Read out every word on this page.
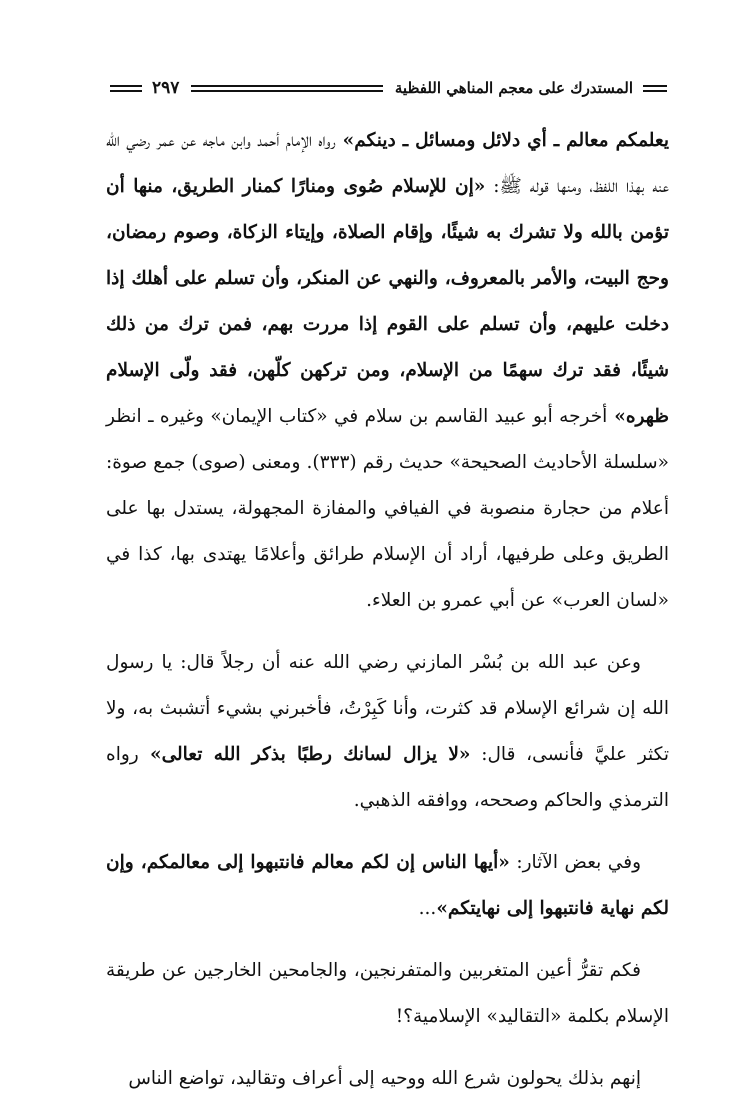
المستدرك على معجم المناهي اللفظية
٢٩٧

يعلمكم معالم ـ أي دلائل ومسائل ـ دينكم» رواه الإمام أحمد وابن ماجه عن عمر رضي الله عنه بهذا اللفظ، ومنها قوله ﷺ: «إن للإسلام صُوى ومنارًا كمنار الطريق، منها أن تؤمن بالله ولا تشرك به شيئًا، وإقام الصلاة، وإيتاء الزكاة، وصوم رمضان، وحج البيت، والأمر بالمعروف، والنهي عن المنكر، وأن تسلم على أهلك إذا دخلت عليهم، وأن تسلم على القوم إذا مررت بهم، فمن ترك من ذلك شيئًا، فقد ترك سهمًا من الإسلام، ومن تركهن كلّهن، فقد ولّى الإسلام ظهره» أخرجه أبو عبيد القاسم بن سلام في «كتاب الإيمان» وغيره ـ انظر «سلسلة الأحاديث الصحيحة» حديث رقم (٣٣٣). ومعنى (صوى) جمع صوة: أعلام من حجارة منصوبة في الفيافي والمفازة المجهولة، يستدل بها على الطريق وعلى طرفيها، أراد أن الإسلام طرائق وأعلامًا يهتدى بها، كذا في «لسان العرب» عن أبي عمرو بن العلاء.

وعن عبد الله بن بُسْر المازني رضي الله عنه أن رجلاً قال: يا رسول الله إن شرائع الإسلام قد كثرت، وأنا كَبِرْتُ، فأخبرني بشيء أتشبث به، ولا تكثر عليَّ فأنسى، قال: «لا يزال لسانك رطبًا بذكر الله تعالى» رواه الترمذي والحاكم وصححه، ووافقه الذهبي.

وفي بعض الآثار: «أيها الناس إن لكم معالم فانتبهوا إلى معالمكم، وإن لكم نهاية فانتبهوا إلى نهايتكم»...

فكم تقرُّ أعين المتغربين والمتفرنجين، والجامحين الخارجين عن طريقة الإسلام بكلمة «التقاليد» الإسلامية؟!

إنهم بذلك يحولون شرع الله ووحيه إلى أعراف وتقاليد، تواضع الناس
